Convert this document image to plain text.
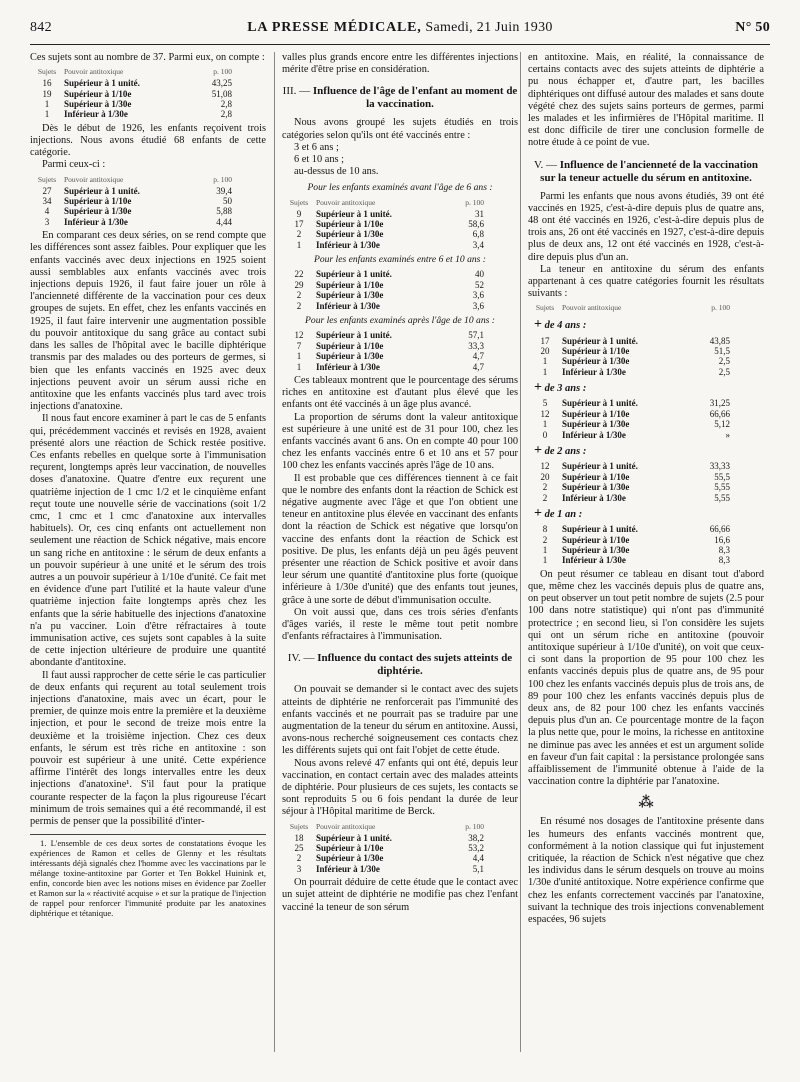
842	LA PRESSE MÉDICALE, Samedi, 21 Juin 1930	N° 50

Ces sujets sont au nombre de 37. Parmi eux, on compte :

Sujets	Pouvoir antitoxique	p. 100
16	Supérieur à 1 unité.	43,25
19	Supérieur à 1/10e	51,08
1	Supérieur à 1/30e	2,8
1	Inférieur à 1/30e	2,8

Dès le début de 1926, les enfants reçoivent trois injections. Nous avons étudié 68 enfants de cette catégorie.

Parmi ceux-ci :

Sujets	Pouvoir antitoxique	p. 100
27	Supérieur à 1 unité.	39,4
34	Supérieur à 1/10e	50
4	Supérieur à 1/30e	5,88
3	Inférieur à 1/30e	4,44

En comparant ces deux séries, on se rend compte que les différences sont assez faibles. Pour expliquer que les enfants vaccinés avec deux injections en 1925 soient aussi semblables aux enfants vaccinés avec trois injections depuis 1926, il faut faire jouer un rôle à l'ancienneté différente de la vaccination pour ces deux groupes de sujets. En effet, chez les enfants vaccinés en 1925, il faut faire intervenir une augmentation possible du pouvoir antitoxique du sang grâce au contact subi dans les salles de l'hôpital avec le bacille diphtérique transmis par des malades ou des porteurs de germes, si bien que les enfants vaccinés en 1925 avec deux injections peuvent avoir un sérum aussi riche en antitoxine que les enfants vaccinés plus tard avec trois injections d'anatoxine.

Il nous faut encore examiner à part le cas de 5 enfants qui, précédemment vaccinés et revisés en 1928, avaient présenté alors une réaction de Schick restée positive. Ces enfants rebelles en quelque sorte à l'immunisation reçurent, longtemps après leur vaccination, de nouvelles doses d'anatoxine. Quatre d'entre eux reçurent une quatrième injection de 1 cmc 1/2 et le cinquième enfant reçut toute une nouvelle série de vaccinations (soit 1/2 cmc, 1 cmc et 1 cmc d'anatoxine aux intervalles habituels). Or, ces cinq enfants ont actuellement non seulement une réaction de Schick négative, mais encore un sang riche en antitoxine : le sérum de deux enfants a un pouvoir supérieur à une unité et le sérum des trois autres a un pouvoir supérieur à 1/10e d'unité. Ce fait met en évidence d'une part l'utilité et la haute valeur d'une quatrième injection faite longtemps après chez les enfants que la série habituelle des injections d'anatoxine n'a pu vacciner. Loin d'être réfractaires à toute immunisation active, ces sujets sont capables à la suite de cette injection ultérieure de produire une quantité abondante d'antitoxine.

Il faut aussi rapprocher de cette série le cas particulier de deux enfants qui reçurent au total seulement trois injections d'anatoxine, mais avec un écart, pour le premier, de quinze mois entre la première et la deuxième injection, et pour le second de treize mois entre la deuxième et la troisième injection. Chez ces deux enfants, le sérum est très riche en antitoxine : son pouvoir est supérieur à une unité. Cette expérience affirme l'intérêt des longs intervalles entre les deux injections d'anatoxine¹. S'il faut pour la pratique courante respecter de la façon la plus rigoureuse l'écart minimum de trois semaines qui a été recommandé, il est permis de penser que la possibilité d'inter-

1. L'ensemble de ces deux sortes de constatations évoque les expériences de Ramon et celles de Glenny et les résultats intéressants déjà signalés chez l'homme avec les vaccinations par le mélange toxine-antitoxine par Gorter et Ten Bokkel Huinink et, enfin, concorde bien avec les notions mises en évidence par Zoeller et Ramon sur la « réactivité acquise » et sur la pratique de l'injection de rappel pour renforcer l'immunité produite par les anatoxines diphtérique et tétanique.

valles plus grands encore entre les différentes injections mérite d'être prise en considération.

III. — Influence de l'âge de l'enfant au moment de la vaccination.

Nous avons groupé les sujets étudiés en trois catégories selon qu'ils ont été vaccinés entre :

3 et 6 ans ;

6 et 10 ans ;

au-dessus de 10 ans.

Pour les enfants examinés avant l'âge de 6 ans :
Sujets	Pouvoir antitoxique	p. 100
9	Supérieur à 1 unité.	31
17	Supérieur à 1/10e	58,6
2	Supérieur à 1/30e	6,8
1	Inférieur à 1/30e	3,4
Pour les enfants examinés entre 6 et 10 ans :
22	Supérieur à 1 unité.	40
29	Supérieur à 1/10e	52
2	Supérieur à 1/30e	3,6
2	Inférieur à 1/30e	3,6
Pour les enfants examinés après l'âge de 10 ans :
12	Supérieur à 1 unité.	57,1
7	Supérieur à 1/10e	33,3
1	Supérieur à 1/30e	4,7
1	Inférieur à 1/30e	4,7

Ces tableaux montrent que le pourcentage des sérums riches en antitoxine est d'autant plus élevé que les enfants ont été vaccinés à un âge plus avancé.

La proportion de sérums dont la valeur antitoxique est supérieure à une unité est de 31 pour 100, chez les enfants vaccinés avant 6 ans. On en compte 40 pour 100 chez les enfants vaccinés entre 6 et 10 ans et 57 pour 100 chez les enfants vaccinés après l'âge de 10 ans.

Il est probable que ces différences tiennent à ce fait que le nombre des enfants dont la réaction de Schick est négative augmente avec l'âge et que l'on obtient une teneur en antitoxine plus élevée en vaccinant des enfants dont la réaction de Schick est négative que lorsqu'on vaccine des enfants dont la réaction de Schick est positive. De plus, les enfants déjà un peu âgés peuvent présenter une réaction de Schick positive et avoir dans leur sérum une quantité d'antitoxine plus forte (quoique inférieure à 1/30e d'unité) que des enfants tout jeunes, grâce à une sorte de début d'immunisation occulte.

On voit aussi que, dans ces trois séries d'enfants d'âges variés, il reste le même tout petit nombre d'enfants réfractaires à l'immunisation.

IV. — Influence du contact des sujets atteints de diphtérie.

On pouvait se demander si le contact avec des sujets atteints de diphtérie ne renforcerait pas l'immunité des enfants vaccinés et ne pourrait pas se traduire par une augmentation de la teneur du sérum en antitoxine. Aussi, avons-nous recherché soigneusement ces contacts chez les différents sujets qui ont fait l'objet de cette étude.

Nous avons relevé 47 enfants qui ont été, depuis leur vaccination, en contact certain avec des malades atteints de diphtérie. Pour plusieurs de ces sujets, les contacts se sont reproduits 5 ou 6 fois pendant la durée de leur séjour à l'Hôpital maritime de Berck.

Sujets	Pouvoir antitoxique	p. 100
18	Supérieur à 1 unité.	38,2
25	Supérieur à 1/10e	53,2
2	Supérieur à 1/30e	4,4
3	Inférieur à 1/30e	5,1

On pourrait déduire de cette étude que le contact avec un sujet atteint de diphtérie ne modifie pas chez l'enfant vacciné la teneur de son sérum

en antitoxine. Mais, en réalité, la connaissance de certains contacts avec des sujets atteints de diphtérie a pu nous échapper et, d'autre part, les bacilles diphtériques ont diffusé autour des malades et sans doute végété chez des sujets sains porteurs de germes, parmi les malades et les infirmières de l'Hôpital maritime. Il est donc difficile de tirer une conclusion formelle de notre étude à ce point de vue.

V. — Influence de l'ancienneté de la vaccination sur la teneur actuelle du sérum en antitoxine.

Parmi les enfants que nous avons étudiés, 39 ont été vaccinés en 1925, c'est-à-dire depuis plus de quatre ans, 48 ont été vaccinés en 1926, c'est-à-dire depuis plus de trois ans, 26 ont été vaccinés en 1927, c'est-à-dire depuis plus de deux ans, 12 ont été vaccinés en 1928, c'est-à-dire depuis plus d'un an.

La teneur en antitoxine du sérum des enfants appartenant à ces quatre catégories fournit les résultats suivants :

Sujets	Pouvoir antitoxique	p. 100
+ de 4 ans :
17	Supérieur à 1 unité.	43,85
20	Supérieur à 1/10e	51,5
1	Supérieur à 1/30e	2,5
1	Inférieur à 1/30e	2,5
+ de 3 ans :
5	Supérieur à 1 unité.	31,25
12	Supérieur à 1/10e	66,66
1	Supérieur à 1/30e	5,12
0	Inférieur à 1/30e	»
+ de 2 ans :
12	Supérieur à 1 unité.	33,33
20	Supérieur à 1/10e	55,5
2	Supérieur à 1/30e	5,55
2	Inférieur à 1/30e	5,55
+ de 1 an :
8	Supérieur à 1 unité.	66,66
2	Supérieur à 1/10e	16,6
1	Supérieur à 1/30e	8,3
1	Inférieur à 1/30e	8,3

On peut résumer ce tableau en disant tout d'abord que, même chez les vaccinés depuis plus de quatre ans, on peut observer un tout petit nombre de sujets (2.5 pour 100 dans notre statistique) qui n'ont pas d'immunité protectrice ; en second lieu, si l'on considère les sujets qui ont un sérum riche en antitoxine (pouvoir antitoxique supérieur à 1/10e d'unité), on voit que ceux-ci sont dans la proportion de 95 pour 100 chez les enfants vaccinés depuis plus de quatre ans, de 95 pour 100 chez les enfants vaccinés depuis plus de trois ans, de 89 pour 100 chez les enfants vaccinés depuis plus de deux ans, de 82 pour 100 chez les enfants vaccinés depuis plus d'un an. Ce pourcentage montre de la façon la plus nette que, pour le moins, la richesse en antitoxine ne diminue pas avec les années et est un argument solide en faveur d'un fait capital : la persistance prolongée sans affaiblissement de l'immunité obtenue à l'aide de la vaccination contre la diphtérie par l'anatoxine.

⁂

En résumé nos dosages de l'antitoxine présente dans les humeurs des enfants vaccinés montrent que, conformément à la notion classique qui fut injustement critiquée, la réaction de Schick n'est négative que chez les individus dans le sérum desquels on trouve au moins 1/30e d'unité antitoxique. Notre expérience confirme que chez les enfants correctement vaccinés par l'anatoxine, suivant la technique des trois injections convenablement espacées, 96 sujets
